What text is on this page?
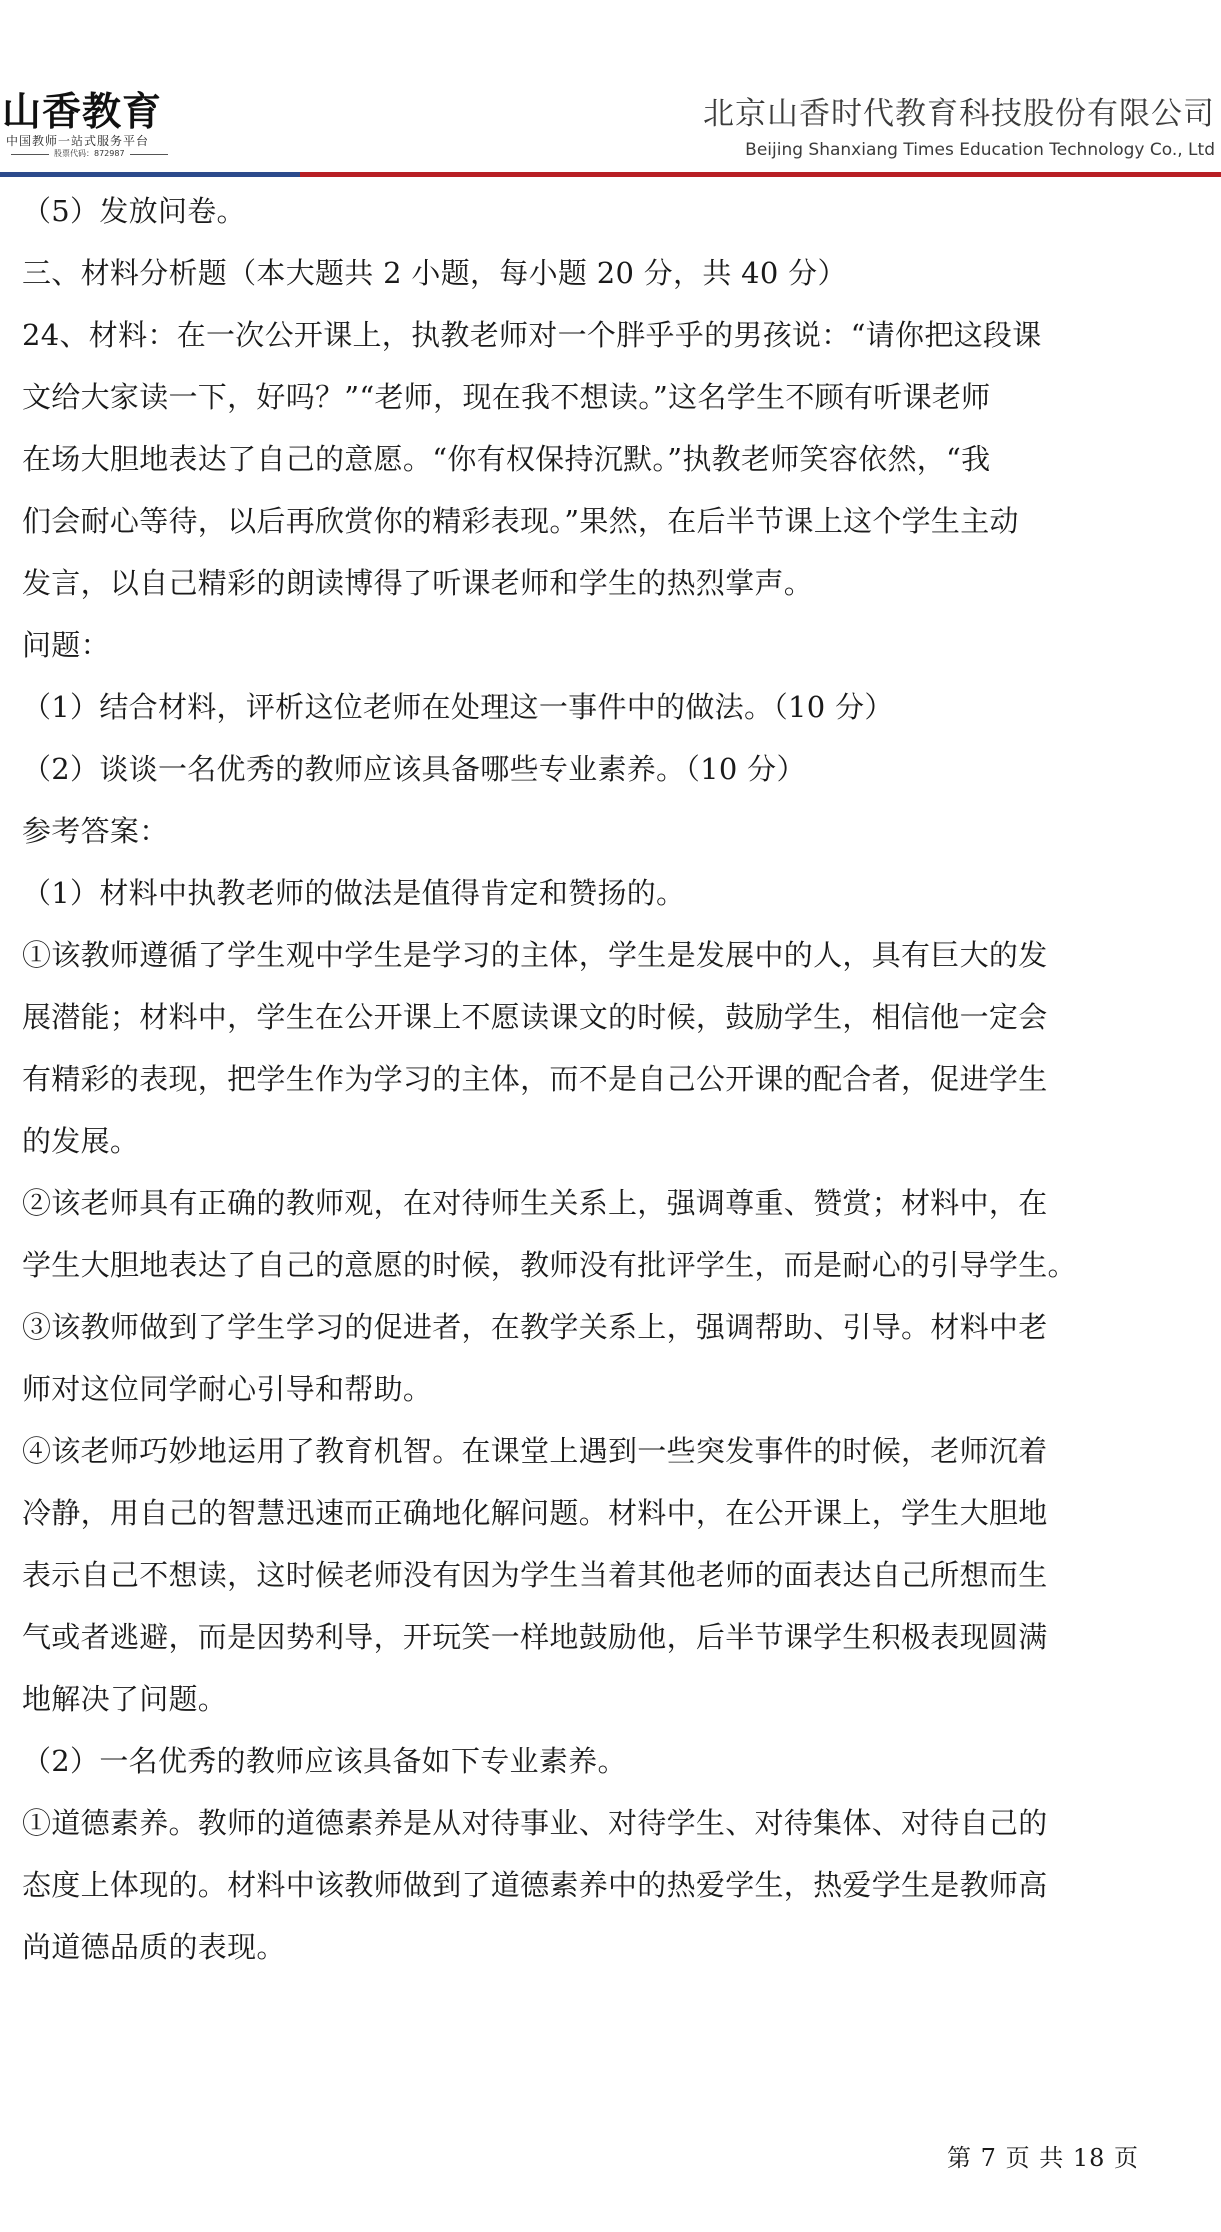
山香教育
中国教师一站式服务平台
股票代码：872987
北京山香时代教育科技股份有限公司
Beijing Shanxiang Times Education Technology Co., Ltd
（5）发放问卷。
三、材料分析题（本大题共 2 小题，每小题 20 分，共 40 分）
24、材料：在一次公开课上，执教老师对一个胖乎乎的男孩说：“请你把这段课
文给大家读一下，好吗？”“老师，现在我不想读。”这名学生不顾有听课老师
在场大胆地表达了自己的意愿。“你有权保持沉默。”执教老师笑容依然，“我
们会耐心等待，以后再欣赏你的精彩表现。”果然，在后半节课上这个学生主动
发言，以自己精彩的朗读博得了听课老师和学生的热烈掌声。
问题：
（1）结合材料，评析这位老师在处理这一事件中的做法。（10 分）
（2）谈谈一名优秀的教师应该具备哪些专业素养。（10 分）
参考答案：
（1）材料中执教老师的做法是值得肯定和赞扬的。
①该教师遵循了学生观中学生是学习的主体，学生是发展中的人，具有巨大的发
展潜能；材料中，学生在公开课上不愿读课文的时候，鼓励学生，相信他一定会
有精彩的表现，把学生作为学习的主体，而不是自己公开课的配合者，促进学生
的发展。
②该老师具有正确的教师观，在对待师生关系上，强调尊重、赞赏；材料中，在
学生大胆地表达了自己的意愿的时候，教师没有批评学生，而是耐心的引导学生。
③该教师做到了学生学习的促进者，在教学关系上，强调帮助、引导。材料中老
师对这位同学耐心引导和帮助。
④该老师巧妙地运用了教育机智。在课堂上遇到一些突发事件的时候，老师沉着
冷静，用自己的智慧迅速而正确地化解问题。材料中，在公开课上，学生大胆地
表示自己不想读，这时候老师没有因为学生当着其他老师的面表达自己所想而生
气或者逃避，而是因势利导，开玩笑一样地鼓励他，后半节课学生积极表现圆满
地解决了问题。
（2）一名优秀的教师应该具备如下专业素养。
①道德素养。教师的道德素养是从对待事业、对待学生、对待集体、对待自己的
态度上体现的。材料中该教师做到了道德素养中的热爱学生，热爱学生是教师高
尚道德品质的表现。
第 7 页 共 18 页
